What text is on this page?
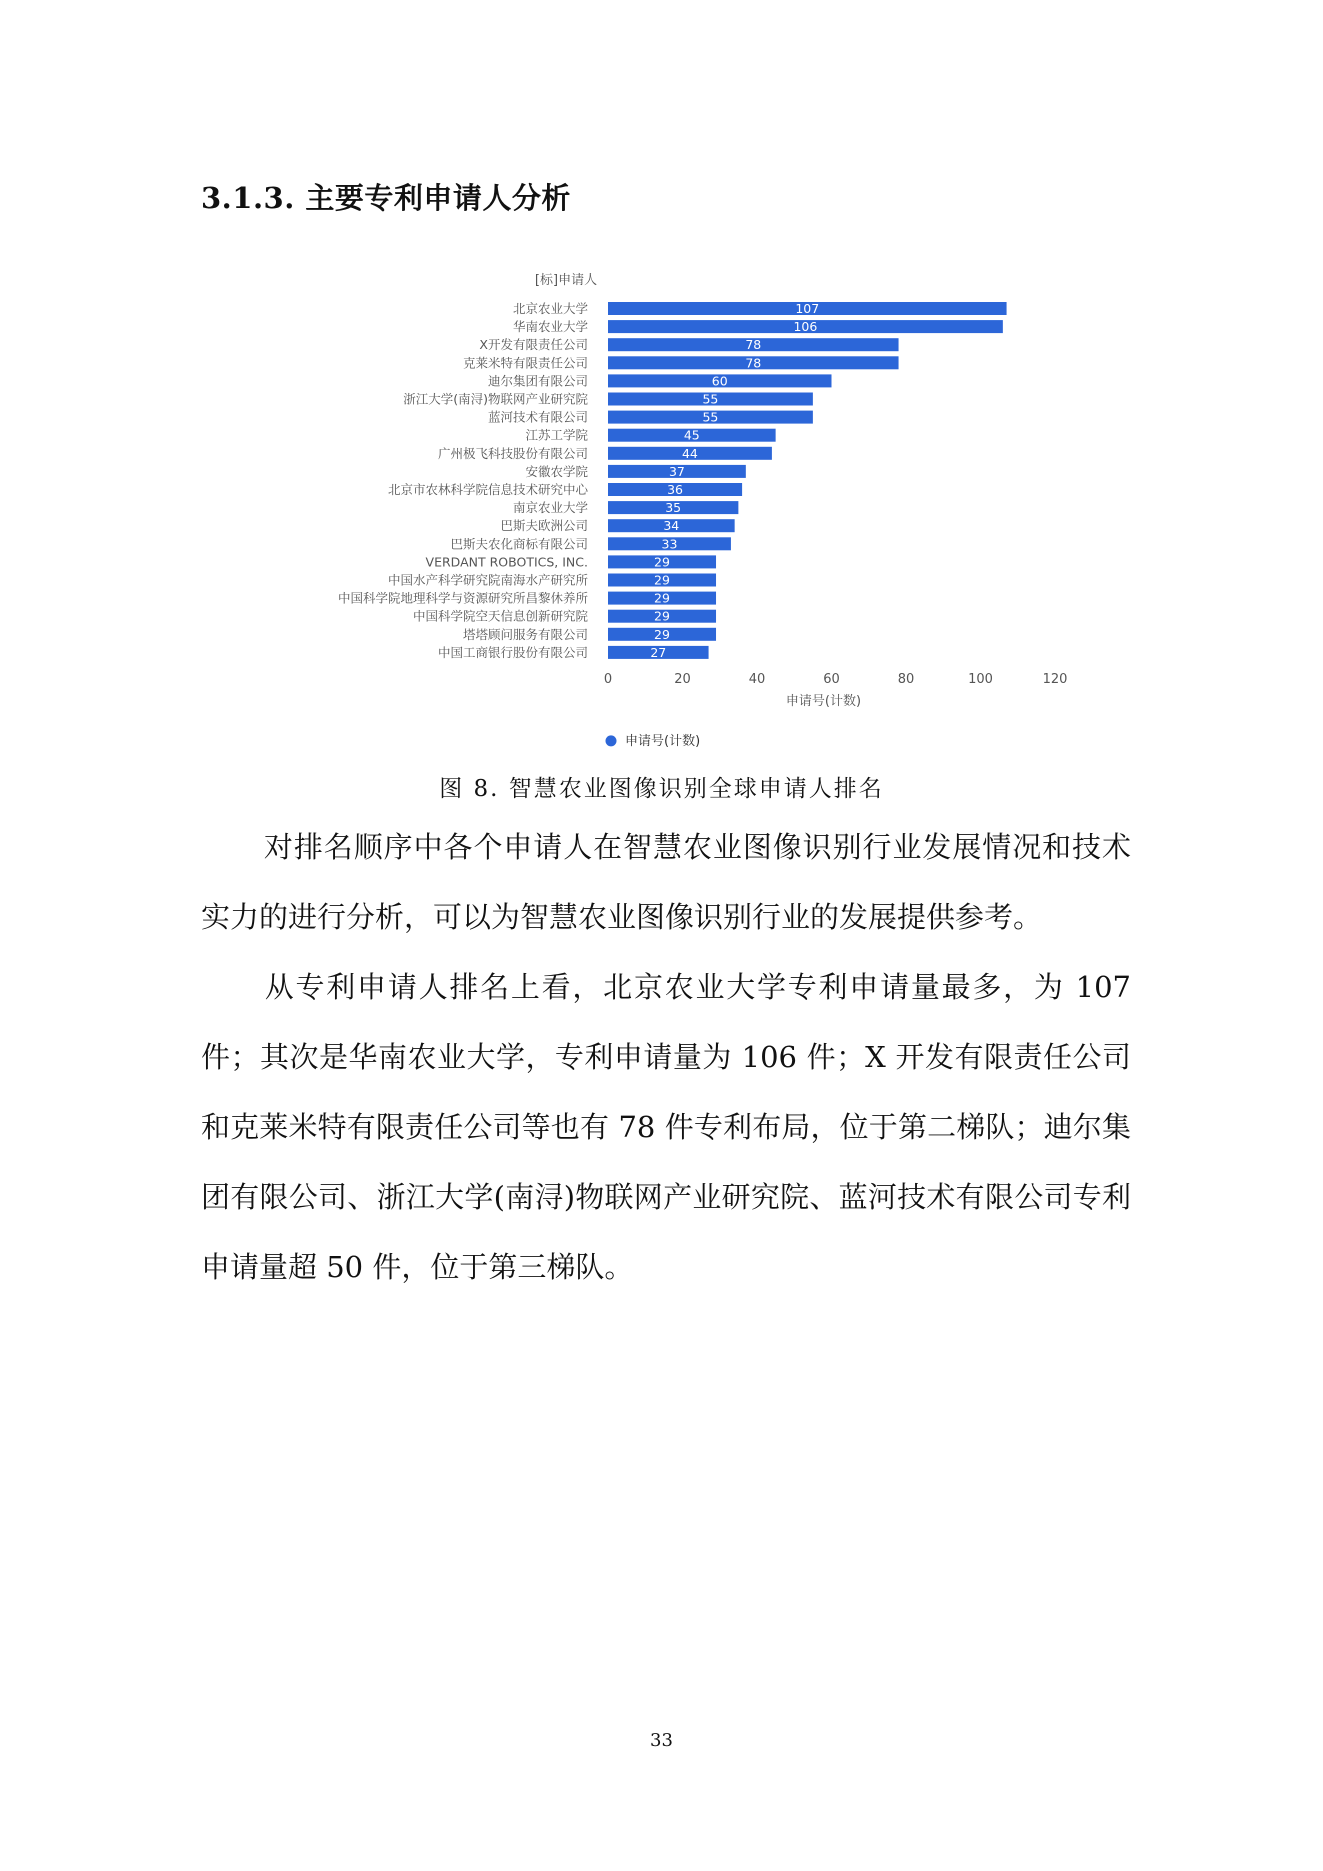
3.1.3. 主要专利申请人分析
[标]申请人
北京农业大学	107
华南农业大学	106
X开发有限责任公司	78
克莱米特有限责任公司	78
迪尔集团有限公司	60
浙江大学(南浔)物联网产业研究院	55
蓝河技术有限公司	55
江苏工学院	45
广州极飞科技股份有限公司	44
安徽农学院	37
北京市农林科学院信息技术研究中心	36
南京农业大学	35
巴斯夫欧洲公司	34
巴斯夫农化商标有限公司	33
VERDANT ROBOTICS, INC.	29
中国水产科学研究院南海水产研究所	29
中国科学院地理科学与资源研究所昌黎休养所	29
中国科学院空天信息创新研究院	29
塔塔顾问服务有限公司	29
中国工商银行股份有限公司	27
0	20	40	60	80	100	120
申请号(计数)
申请号(计数)
图 8. 智慧农业图像识别全球申请人排名

对排名顺序中各个申请人在智慧农业图像识别行业发展情况和技术实力的进行分析，可以为智慧农业图像识别行业的发展提供参考。

从专利申请人排名上看，北京农业大学专利申请量最多，为 107 件；其次是华南农业大学，专利申请量为 106 件；X 开发有限责任公司和克莱米特有限责任公司等也有 78 件专利布局，位于第二梯队；迪尔集团有限公司、浙江大学(南浔)物联网产业研究院、蓝河技术有限公司专利申请量超 50 件，位于第三梯队。

33
